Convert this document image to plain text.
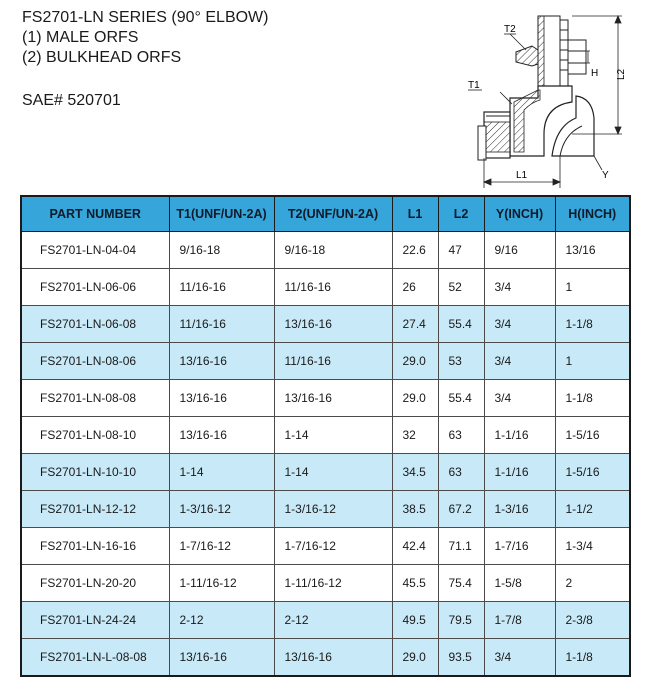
FS2701-LN SERIES (90° ELBOW)
(1) MALE ORFS
(2) BULKHEAD ORFS
SAE# 520701
T2
T1
H L2
L1	Y
PART NUMBER	T1(UNF/UN-2A)	T2(UNF/UN-2A)	L1	L2	Y(INCH)	H(INCH)
FS2701-LN-04-04	9/16-18	9/16-18	22.6	47	9/16	13/16
FS2701-LN-06-06	11/16-16	11/16-16	26	52	3/4	1
FS2701-LN-06-08	11/16-16	13/16-16	27.4	55.4	3/4	1-1/8
FS2701-LN-08-06	13/16-16	11/16-16	29.0	53	3/4	1
FS2701-LN-08-08	13/16-16	13/16-16	29.0	55.4	3/4	1-1/8
FS2701-LN-08-10	13/16-16	1-14	32	63	1-1/16	1-5/16
FS2701-LN-10-10	1-14	1-14	34.5	63	1-1/16	1-5/16
FS2701-LN-12-12	1-3/16-12	1-3/16-12	38.5	67.2	1-3/16	1-1/2
FS2701-LN-16-16	1-7/16-12	1-7/16-12	42.4	71.1	1-7/16	1-3/4
FS2701-LN-20-20	1-11/16-12	1-11/16-12	45.5	75.4	1-5/8	2
FS2701-LN-24-24	2-12	2-12	49.5	79.5	1-7/8	2-3/8
FS2701-LN-L-08-08	13/16-16	13/16-16	29.0	93.5	3/4	1-1/8
